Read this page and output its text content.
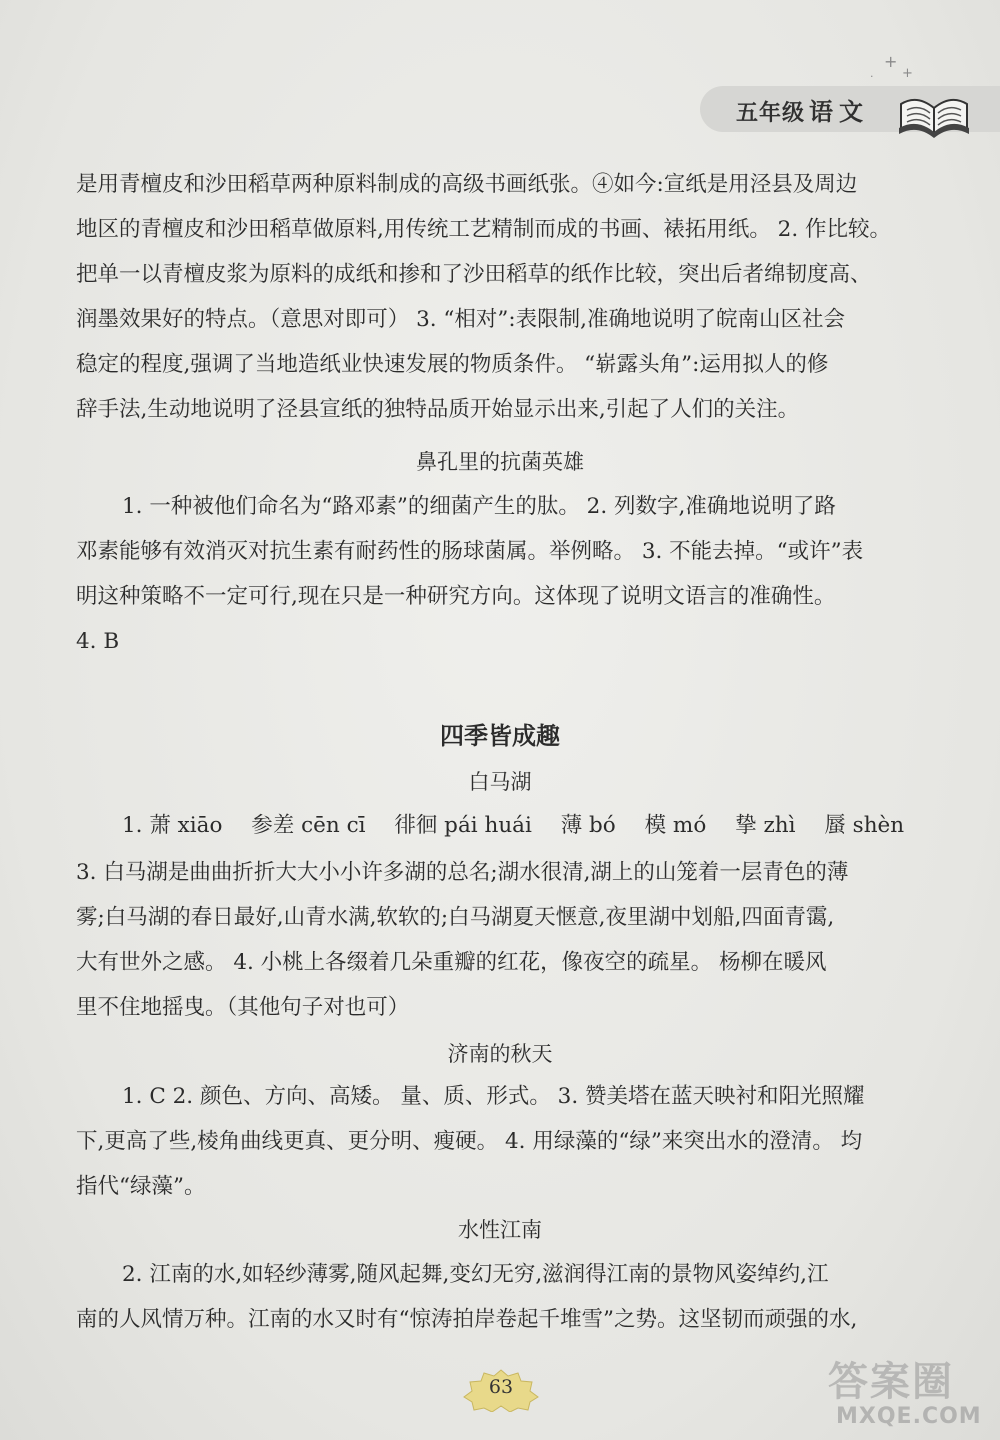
五年级 语文
+
+
·
是用青檀皮和沙田稻草两种原料制成的高级书画纸张。④如今:宣纸是用泾县及周边
地区的青檀皮和沙田稻草做原料,用传统工艺精制而成的书画、裱拓用纸。 2. 作比较。
把单一以青檀皮浆为原料的成纸和掺和了沙田稻草的纸作比较，突出后者绵韧度高、
润墨效果好的特点。（意思对即可） 3. “相对”:表限制,准确地说明了皖南山区社会
稳定的程度,强调了当地造纸业快速发展的物质条件。 “崭露头角”:运用拟人的修
辞手法,生动地说明了泾县宣纸的独特品质开始显示出来,引起了人们的关注。
鼻孔里的抗菌英雄
1. 一种被他们命名为“路邓素”的细菌产生的肽。 2. 列数字,准确地说明了路
邓素能够有效消灭对抗生素有耐药性的肠球菌属。举例略。 3. 不能去掉。“或许”表
明这种策略不一定可行,现在只是一种研究方向。这体现了说明文语言的准确性。
4. B
四季皆成趣
白马湖
1. 萧 xiāo 参差 cēn cī 徘徊 pái huái 薄 bó 模 mó 挚 zhì 蜃 shèn
3. 白马湖是曲曲折折大大小小许多湖的总名;湖水很清,湖上的山笼着一层青色的薄
雾;白马湖的春日最好,山青水满,软软的;白马湖夏天惬意,夜里湖中划船,四面青霭,
大有世外之感。 4. 小桃上各缀着几朵重瓣的红花，像夜空的疏星。 杨柳在暖风
里不住地摇曳。（其他句子对也可）
济南的秋天
1. C 2. 颜色、方向、高矮。 量、质、形式。 3. 赞美塔在蓝天映衬和阳光照耀
下,更高了些,棱角曲线更真、更分明、瘦硬。 4. 用绿藻的“绿”来突出水的澄清。 均
指代“绿藻”。
水性江南
2. 江南的水,如轻纱薄雾,随风起舞,变幻无穷,滋润得江南的景物风姿绰约,江
南的人风情万种。江南的水又时有“惊涛拍岸卷起千堆雪”之势。这坚韧而顽强的水,
63	答案圈
MXQE.COM
